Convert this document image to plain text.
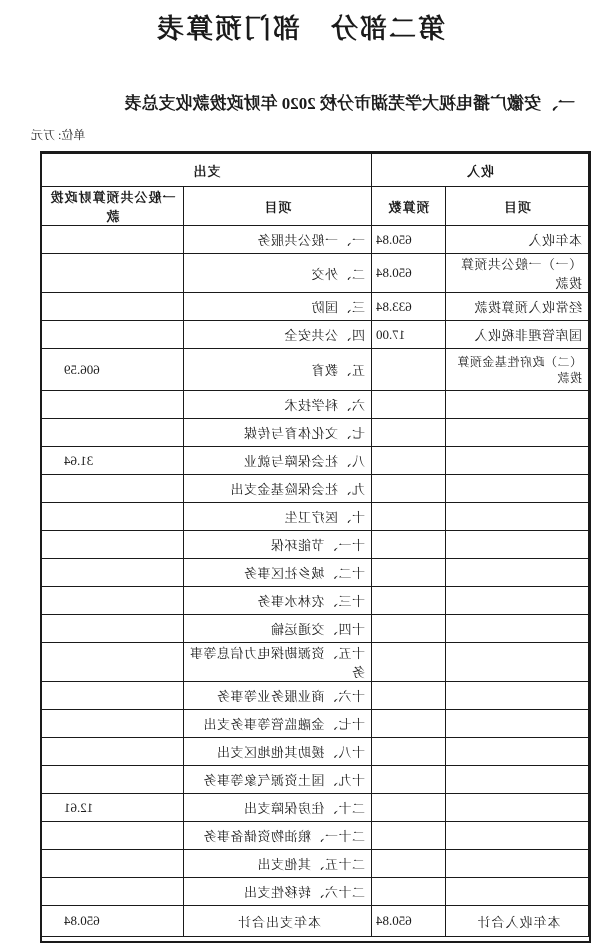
第二部分　部门预算表
一、安徽广播电视大学芜湖市分校 2020 年财政拨款收支总表
单位: 万元
收入		支出	
项目	预算数	项目	一般公共预算财政拨款
本年收入	650.84	一、一般公共服务	
（一）一般公共预算拨款	650.84	二、外交	
经常收入预算拨款	633.84	三、国防	
国库管理非税收入	17.00	四、公共安全	
（二）政府性基金预算拨款		五、教育	606.59
		六、科学技术	
		七、文化体育与传媒	
		八、社会保障与就业	31.64
		九、社会保险基金支出	
		十、医疗卫生	
		十一、节能环保	
		十二、城乡社区事务	
		十三、农林水事务	
		十四、交通运输	
		十五、资源勘探电力信息等事务	
		十六、商业服务业等事务	
		十七、金融监管等事务支出	
		十八、援助其他地区支出	
		十九、国土资源气象等事务	
		二十、住房保障支出	12.61
		二十一、粮油物资储备事务	
		二十五、其他支出	
		二十六、转移性支出	
本年收入合计	650.84	本年支出合计	650.84
